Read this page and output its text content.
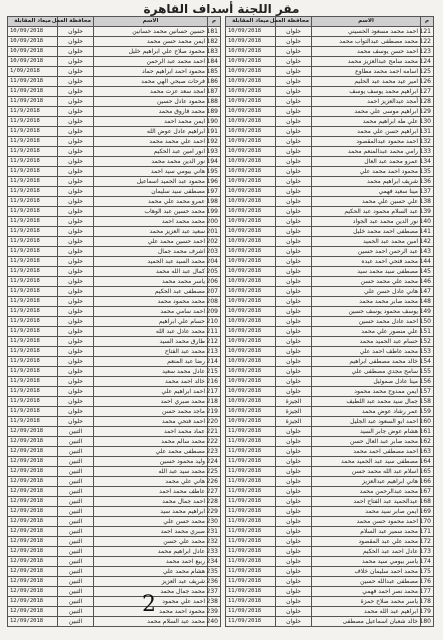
مقر اللجنة أسداف القاهرة
م	الاسم	محافظة العمل	ميعاد المقابلة
121	احمد محمد مسعود الحسيني	حلوان	10/09/2018
122	محمد مصطفى عبدالتواب محمد	حلوان	10/09/2018
123	احمد حسن يوسف محمد	حلوان	10/09/2018
124	محمد سامح عبدالعزيز محمد	حلوان	10/09/2018
125	اسامه احمد محمد مطاوع	حلوان	10/09/2018
126	امير عيد محمد عبد الحليم	حلوان	10/09/2018
127	ابراهيم محمد يوسف يوسف	حلوان	10/09/2018
128	أمجد عبدالعزيز احمد	حلوان	10/09/2018
129	ابراهيم موسى علي محمد	حلوان	10/09/2018
130	علي طه ابراهيم محمد	حلوان	10/09/2018
131	ابراهيم حسن علي محمد	حلوان	10/09/2018
132	احمد محمود عبدالمقصود	حلوان	10/09/2018
133	رامي محمد عبدالمنعم محمد	حلوان	10/09/2018
134	عمرو محمد عبد العال	حلوان	10/09/2018
135	محمود احمد محمد علي	حلوان	10/09/2018
136	شريف ابراهيم محمد	حلوان	10/09/2018
137	مينا سعيد فهمي	حلوان	10/09/2018
138	علي حسين علي محمد	حلوان	10/09/2018
139	عبد السلام محمود عبد الحكيم	حلوان	10/09/2018
140	نور الدين محمد عبد الجواد	حلوان	10/09/2018
141	مصطفى احمد محمد خليل	حلوان	10/09/2018
142	امين محمد عبد الحميد	حلوان	10/09/2018
143	عبد الرحمن احمد حسين	حلوان	10/09/2018
144	محمد فتحي احمد عبده	حلوان	10/09/2018
145	مصطفى سيد محمد سيد	حلوان	10/09/2018
146	محمد علي محمد حسن	حلوان	10/09/2018
147	هاني عادل حسن علي	حلوان	10/09/2018
148	محمد صابر محمد محمد	حلوان	10/09/2018
149	يوسف محمود يوسف حسين	حلوان	10/09/2018
150	احمد عادل محمد حسين	حلوان	10/09/2018
151	علي منصور علي محمد	حلوان	10/09/2018
152	حسام عبد الحميد محمد	حلوان	10/09/2018
153	محمد عاطف احمد علي	حلوان	10/09/2018
154	خالد محمد مصطفى ابراهيم	حلوان	10/09/2018
155	سامح مجدي مصطفى علي	حلوان	10/09/2018
156	مينا عادل صموئيل	حلوان	10/09/2018
157	ايمن ممدوح محمد محمود	حلوان	10/09/2018
158	جمال سيد محمد عبد اللطيف	الجيزة	10/09/2018
159	عمر رشاد عوض محمد	الجيزة	10/09/2018
160	احمد ابو السعود عبد الجليل	الجيزة	10/09/2018
161	هشام عوض جابر السيد	حلوان	11/09/2018
162	محمد صابر عبد العال حسن	حلوان	11/09/2018
163	احمد مصطفى احمد محمد	حلوان	11/09/2018
164	مصطفى سيد عبد الحميد محمد	حلوان	11/09/2018
165	اسلام عبد الله محمد حسن	حلوان	11/09/2018
166	هاني ابراهيم عبدالعزيز	حلوان	11/09/2018
167	محمد عبدالرحمن محمد	حلوان	11/09/2018
168	عبدالحميد عبد الفتاح احمد	حلوان	11/09/2018
169	ايمن صابر سيد محمد	حلوان	11/09/2018
170	احمد محمود حسن محمد	حلوان	11/09/2018
171	محمد سمير عبد السلام	حلوان	11/09/2018
172	محمد علي عبد المقصود	حلوان	11/09/2018
173	عادل احمد عبد الحكيم	حلوان	11/09/2018
174	ياسر بيومي سيد محمد	حلوان	11/09/2018
175	محمد احمد سليمان خلاف	حلوان	11/09/2018
176	مصطفى عبدالله حسين	حلوان	11/09/2018
177	محمد نصر احمد فهمي	حلوان	11/09/2018
178	ياسر محمد صلاح حمزة	حلوان	11/09/2018
179	ابراهيم عبد الله محمد	حلوان	11/09/2018
180	خالد شعبان اسماعيل مصطفى	حلوان	11/09/2018
م	الاسم	محافظة العمل	ميعاد المقابلة
181	حسين حسانين محمد حسانين	حلوان	10/09/2018
182	ايمن محمد حسن محمد	حلوان	10/09/2018
183	محمود صلاح علي ابراهيم خليل	حلوان	10/09/2018
184	احمد محمد عبد الرحمن	حلوان	10/09/2018
185	محمود احمد ابراهيم حماد	حلوان	1/09/2018
186	فرحات صبحي الهي محمد	حلوان	11/09/2018
187	امجد سعد عزت محمد	حلوان	11/09/2018
188	محمود عادل حسين	حلوان	11/09/2018
189	محمد فاروق محمد	حلوان	11/9/2018
190	ايمن محمد احمد	حلوان	11/9/2018
191	ابراهيم عادل عوض الله	حلوان	11/9/2018
192	احمد علي محمد محمد	حلوان	11/9/2018
193	انور امين عبد الحكيم	حلوان	11/9/2018
194	نور الدين محمد محمد	حلوان	11/9/2018
195	هاني بيومي سيد احمد	حلوان	11/9/2018
196	محمود عبد الحميد اسماعيل	حلوان	11/9/2018
197	مصطفى سيد سليمان	حلوان	11/9/2018
198	عمرو محمد علي محمد	حلوان	11/9/2018
199	محمد حسين عبد الوهاب	حلوان	11/9/2018
200	محمد محمد احمد	حلوان	11/9/2018
201	سعيد عبد العزيز محمد	حلوان	11/9/2018
202	احمد حسين محمد علي	حلوان	11/9/2018
203	اشرف محمد جمال	حلوان	11/9/2018
204	محمد السيد عبد الحميد	حلوان	11/9/2018
205	كمال عبد الله محمد	حلوان	11/9/2018
206	ياسر محمد محمد	حلوان	11/9/2018
207	مصطفى عبد الحكيم	حلوان	11/9/2018
208	محمد محمود محمد	حلوان	11/9/2018
209	احمد سامي محمد	حلوان	11/9/2018
210	حسام علي ابراهيم	حلوان	11/9/2018
211	محمد عادل عبد الله	حلوان	11/9/2018
212	طارق محمد السيد	حلوان	11/9/2018
213	محمد عبد الفتاح	حلوان	11/9/2018
214	رضا عبد المنعم	حلوان	11/9/2018
215	عادل محمد سعيد	حلوان	11/9/2018
216	خالد احمد محمد	حلوان	11/9/2018
217	احمد ابراهيم علي	حلوان	11/9/2018
218	محمد صبري احمد	حلوان	11/9/2018
219	ماجد محمد حسن	حلوان	11/9/2018
220	احمد فتحي محمد	حلوان	11/9/2018
221	عماد محمد احمد	التبين	12/09/2018
222	محمد سالم محمد	التبين	12/09/2018
223	مصطفى محمد علي	التبين	12/09/2018
224	وليد محمود حسين	التبين	12/09/2018
225	محمد سيد عبد الله	التبين	12/09/2018
226	هاني علي محمد	التبين	12/09/2018
227	عاطف محمد احمد	التبين	12/09/2018
228	احمد جمال محمد	التبين	12/09/2018
229	ابراهيم محمد سيد	التبين	12/09/2018
230	محمد حسن علي	التبين	12/09/2018
231	صبري محمد احمد	التبين	12/09/2018
232	محمد علي حسن	التبين	12/09/2018
233	عادل ابراهيم محمد	التبين	12/09/2018
234	ربيع احمد محمد	التبين	12/09/2018
235	هشام محمد علي	التبين	12/09/2018
236	شريف عبد العزيز	التبين	12/09/2018
237	محمد جمال محمد	التبين	12/09/2018
238	احمد علي محمود	التبين	12/09/2018
239	محمود احمد محمد	التبين	12/09/2018
240	محمد عبد السلام محمد	التبين	12/09/2018
2
